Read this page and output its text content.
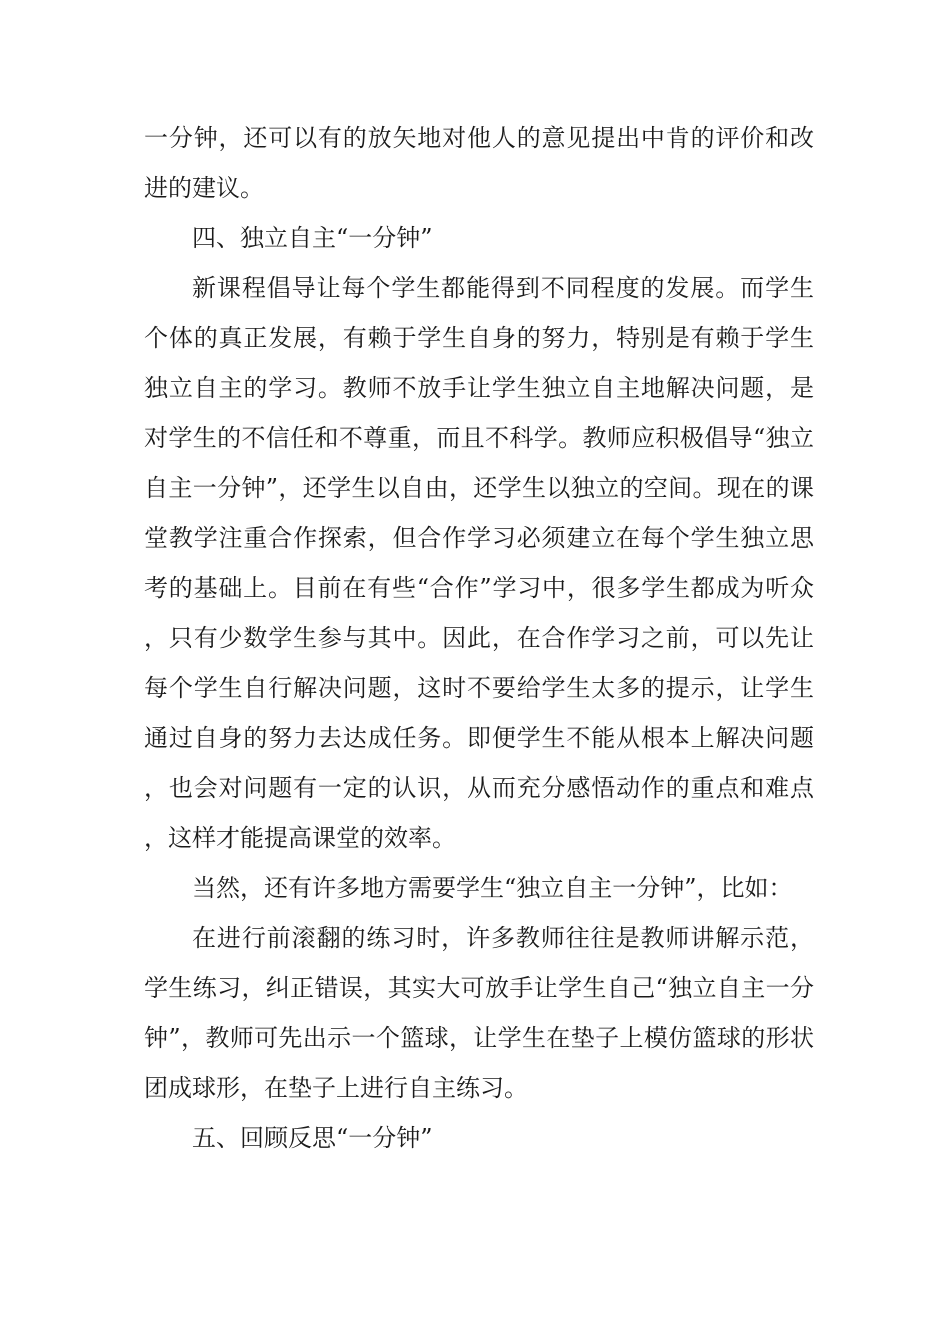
一分钟，还可以有的放矢地对他人的意见提出中肯的评价和改进的建议。

四、独立自主“一分钟”

新课程倡导让每个学生都能得到不同程度的发展。而学生个体的真正发展，有赖于学生自身的努力，特别是有赖于学生独立自主的学习。教师不放手让学生独立自主地解决问题，是对学生的不信任和不尊重，而且不科学。教师应积极倡导“独立自主一分钟”，还学生以自由，还学生以独立的空间。现在的课堂教学注重合作探索，但合作学习必须建立在每个学生独立思考的基础上。目前在有些“合作”学习中，很多学生都成为听众，只有少数学生参与其中。因此，在合作学习之前，可以先让每个学生自行解决问题，这时不要给学生太多的提示，让学生通过自身的努力去达成任务。即便学生不能从根本上解决问题，也会对问题有一定的认识，从而充分感悟动作的重点和难点，这样才能提高课堂的效率。

当然，还有许多地方需要学生“独立自主一分钟”，比如：

在进行前滚翻的练习时，许多教师往往是教师讲解示范，学生练习，纠正错误，其实大可放手让学生自己“独立自主一分钟”，教师可先出示一个篮球，让学生在垫子上模仿篮球的形状团成球形，在垫子上进行自主练习。

五、回顾反思“一分钟”
